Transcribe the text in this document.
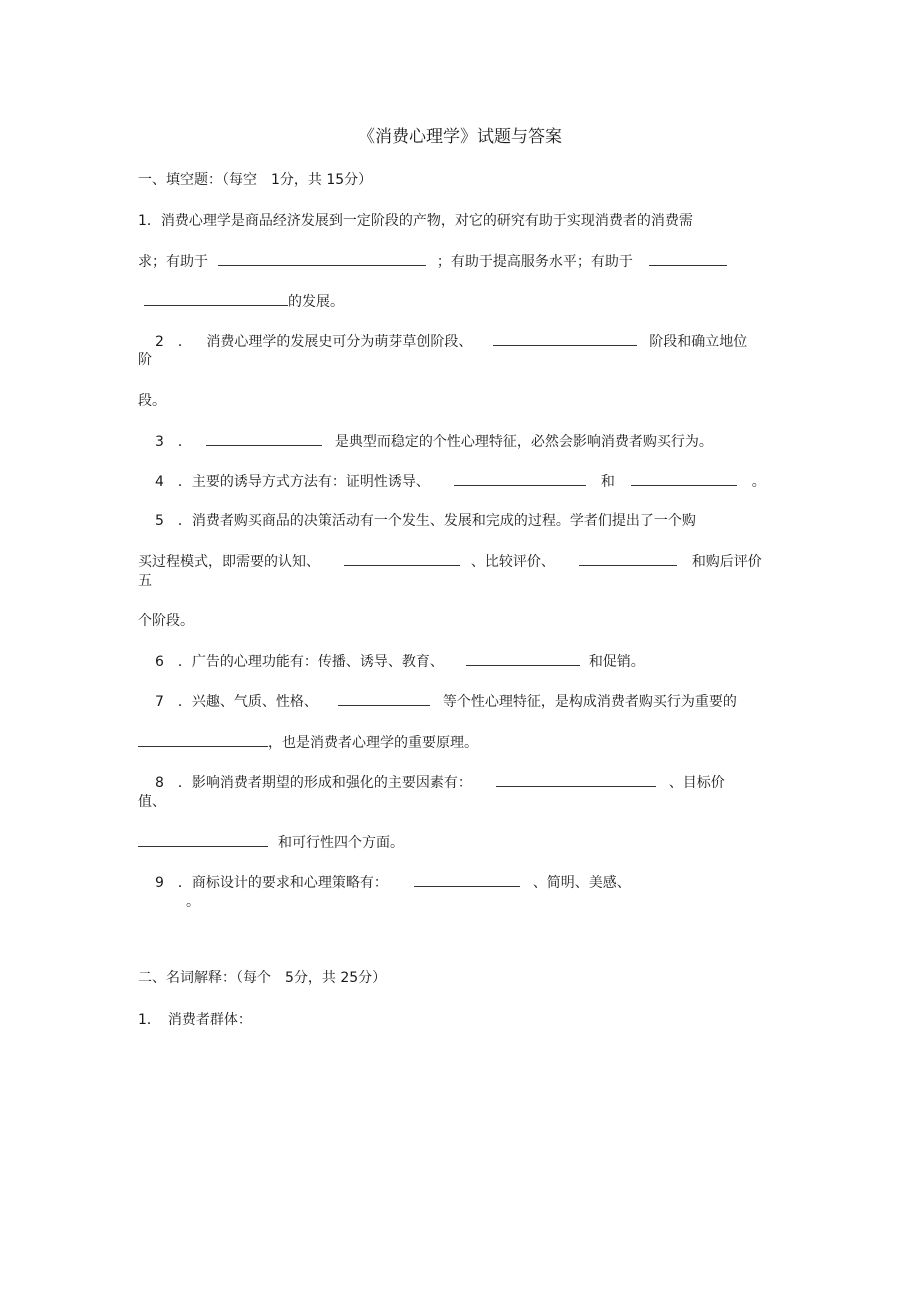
《消费心理学》试题与答案
一、填空题：（每空　1分，共 15分）
1．消费心理学是商品经济发展到一定阶段的产物，对它的研究有助于实现消费者的消费需
求；有助于	；有助于提高服务水平；有助于
的发展。
2　． 消费心理学的发展史可分为萌芽草创阶段、	阶段和确立地位
阶
段。
3　．	是典型而稳定的个性心理特征，必然会影响消费者购买行为。
4　．主要的诱导方式方法有：证明性诱导、	和	。
5　．消费者购买商品的决策活动有一个发生、发展和完成的过程。学者们提出了一个购
买过程模式，即需要的认知、	、比较评价、	和购后评价
五
个阶段。
6　．广告的心理功能有：传播、诱导、教育、	和促销。
7　．兴趣、气质、性格、	等个性心理特征，是构成消费者购买行为重要的
，也是消费者心理学的重要原理。
8　．影响消费者期望的形成和强化的主要因素有：	、目标价
值、
和可行性四个方面。
9　．商标设计的要求和心理策略有：	、简明、美感、
。
二、名词解释：（每个　5分，共 25分）
1．　消费者群体：
